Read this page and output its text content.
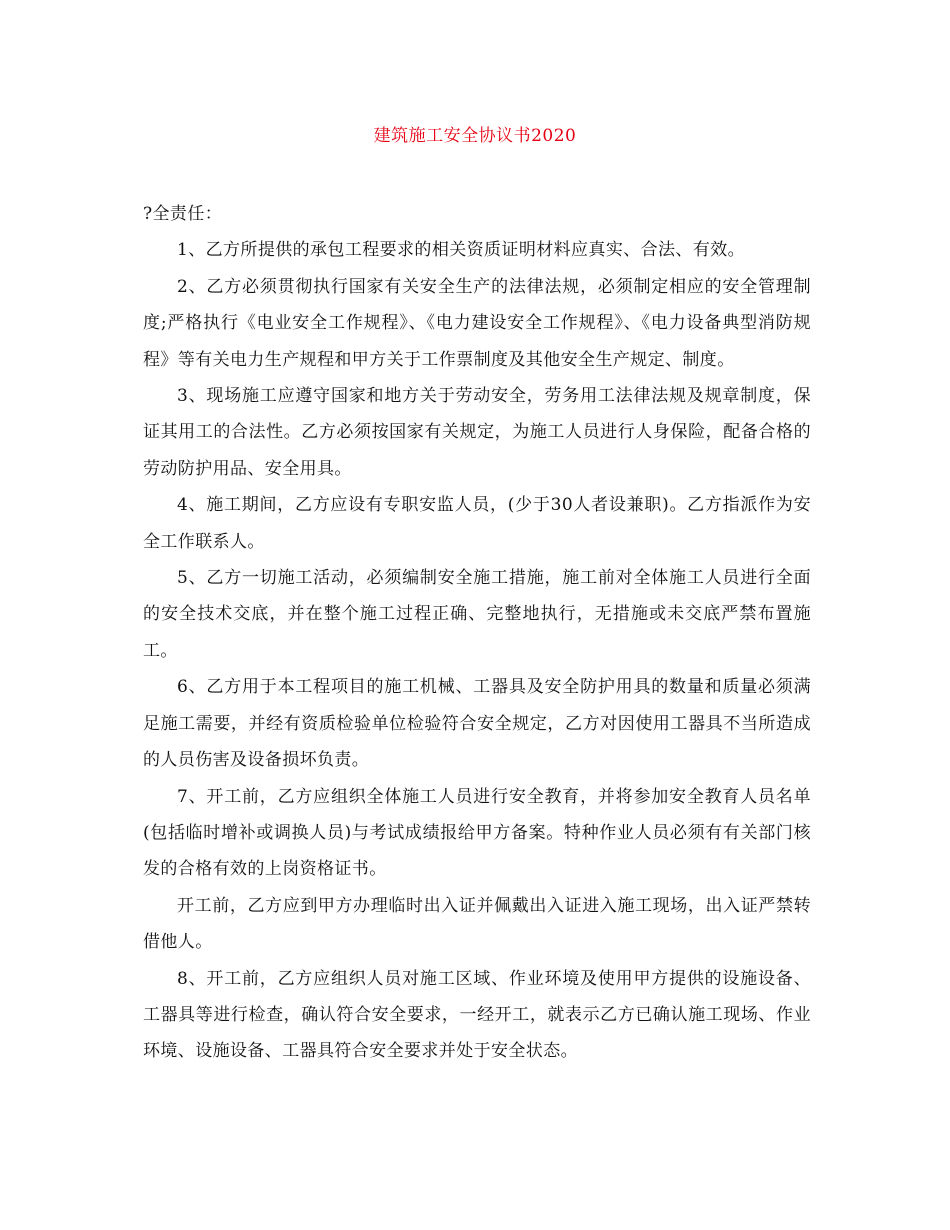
建筑施工安全协议书2020

?全责任：

1、乙方所提供的承包工程要求的相关资质证明材料应真实、合法、有效。

2、乙方必须贯彻执行国家有关安全生产的法律法规，必须制定相应的安全管理制度;严格执行《电业安全工作规程》、《电力建设安全工作规程》、《电力设备典型消防规程》等有关电力生产规程和甲方关于工作票制度及其他安全生产规定、制度。

3、现场施工应遵守国家和地方关于劳动安全，劳务用工法律法规及规章制度，保证其用工的合法性。乙方必须按国家有关规定，为施工人员进行人身保险，配备合格的劳动防护用品、安全用具。

4、施工期间，乙方应设有专职安监人员，(少于30人者设兼职)。乙方指派作为安全工作联系人。

5、乙方一切施工活动，必须编制安全施工措施，施工前对全体施工人员进行全面的安全技术交底，并在整个施工过程正确、完整地执行，无措施或未交底严禁布置施工。

6、乙方用于本工程项目的施工机械、工器具及安全防护用具的数量和质量必须满足施工需要，并经有资质检验单位检验符合安全规定，乙方对因使用工器具不当所造成的人员伤害及设备损坏负责。

7、开工前，乙方应组织全体施工人员进行安全教育，并将参加安全教育人员名单(包括临时增补或调换人员)与考试成绩报给甲方备案。特种作业人员必须有有关部门核发的合格有效的上岗资格证书。

开工前，乙方应到甲方办理临时出入证并佩戴出入证进入施工现场，出入证严禁转借他人。

8、开工前，乙方应组织人员对施工区域、作业环境及使用甲方提供的设施设备、工器具等进行检查，确认符合安全要求，一经开工，就表示乙方已确认施工现场、作业环境、设施设备、工器具符合安全要求并处于安全状态。
